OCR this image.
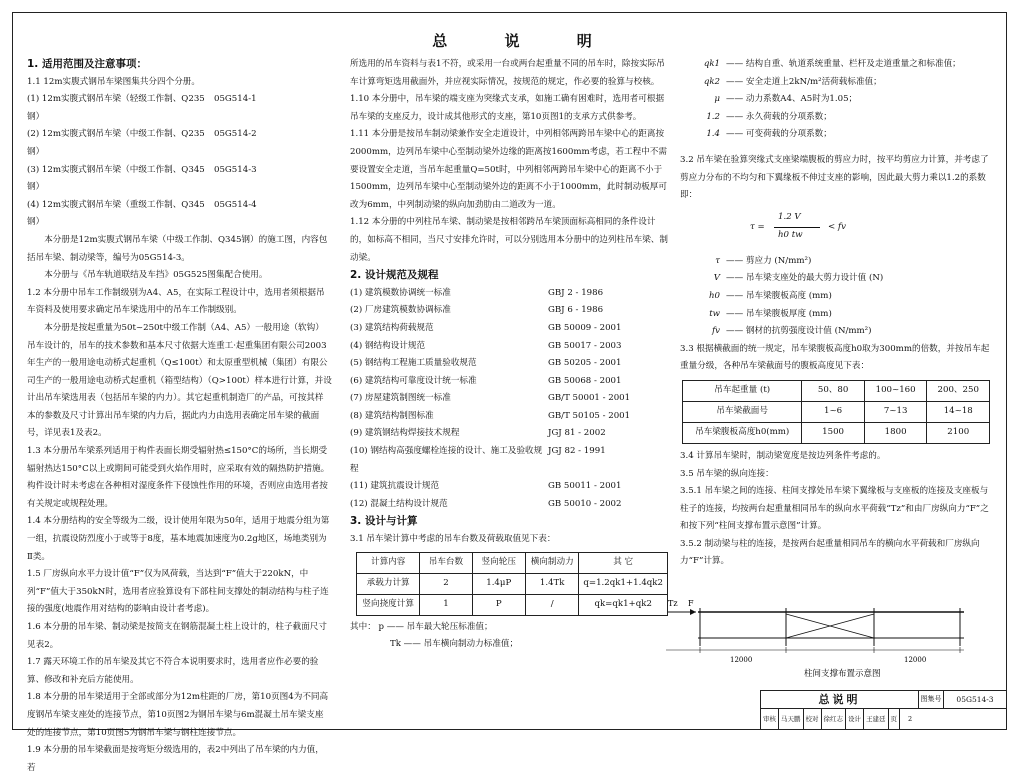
总 说 明
1. 适用范围及注意事项：
1.1 12m实腹式钢吊车梁图集共分四个分册。
(1) 12m实腹式钢吊车梁（轻级工作制、Q235钢）
05G514-1
(2) 12m实腹式钢吊车梁（中级工作制、Q235钢）
05G514-2
(3) 12m实腹式钢吊车梁（中级工作制、Q345钢）
05G514-3
(4) 12m实腹式钢吊车梁（重级工作制、Q345钢）
05G514-4
本分册是12m实腹式钢吊车梁（中级工作制、Q345钢）的施工图，内容包括吊车梁、制动梁等，编号为05G514-3。
本分册与《吊车轨道联结及车挡》05G525图集配合使用。
1.2 本分册中吊车工作制级别为A4、A5，在实际工程设计中，选用者须根据吊车资料及使用要求确定吊车梁选用中的吊车工作制级别。
本分册是按起重量为50t~250t中级工作制（A4、A5）一般用途（软钩）吊车设计的，吊车的技术参数和基本尺寸依据大连重工·起重集团有限公司2003年生产的一般用途电动桥式起重机（Q≤100t）和太原重型机械（集团）有限公司生产的一般用途电动桥式起重机（箱型结构）（Q>100t）样本进行计算，并设计出吊车梁选用表（包括吊车梁的内力）。其它起重机制造厂的产品，可按其样本的参数及尺寸计算出吊车梁的内力后，据此内力由选用表确定吊车梁的截面号，详见表1及表2。
1.3 本分册吊车梁系列适用于构件表面长期受辐射热≤150°C的场所，当长期受辐射热达150°C以上或期间可能受到火焰作用时，应采取有效的隔热防护措施。构件设计时未考虑在各种相对湿度条件下侵蚀性作用的环境，否则应由选用者按有关规定或规程处理。
1.4 本分册结构的安全等级为二级，设计使用年限为50年，适用于地震分组为第一组，抗震设防烈度小于或等于8度，基本地震加速度为0.2g地区，场地类别为Ⅱ类。
1.5 厂房纵向水平力设计值“F”仅为风荷载，当达到“F”值大于220kN，中列“F”值大于350kN时，选用者应验算设有下部柱间支撑处的制动结构与柱子连接的强度(地震作用对结构的影响由设计者考虑)。
1.6 本分册的吊车梁、制动梁是按简支在钢筋混凝土柱上设计的，柱子截面尺寸见表2。
1.7 露天环境工作的吊车梁及其它不符合本说明要求时，选用者应作必要的验算、修改和补充后方能使用。
1.8 本分册的吊车梁适用于全部或部分为12m柱距的厂房，第10页图4为不同高度钢吊车梁支座处的连接节点，第10页图2为钢吊车梁与6m混凝土吊车梁支座处的连接节点，第10页图5为钢吊车梁与钢柱连接节点。
1.9 本分册的吊车梁截面是按弯矩分级选用的，表2中列出了吊车梁的内力值，若
所选用的吊车资料与表1不符，或采用一台或两台起重量不同的吊车时，除按实际吊车计算弯矩选用截面外，并应视实际情况，按规范的规定，作必要的验算与校核。
1.10 本分册中，吊车梁的端支座为突缘式支承，如施工确有困难时，选用者可根据吊车梁的支座反力，设计成其他形式的支座，第10页图1的支承方式供参考。
1.11 本分册是按吊车制动梁兼作安全走道设计，中列相邻两跨吊车梁中心的距离按2000mm，边列吊车梁中心至制动梁外边缘的距离按1600mm考虑，若工程中不需要设置安全走道，当吊车起重量Q=50t时，中列相邻两跨吊车梁中心的距离不小于1500mm，边列吊车梁中心至制动梁外边的距离不小于1000mm，此时制动板厚可改为6mm，中列制动梁的纵向加劲肋由二道改为一道。
1.12 本分册的中列柱吊车梁、制动梁是按相邻跨吊车梁顶面标高相同的条件设计的，如标高不相同，当尺寸安排允许时，可以分别选用本分册中的边列柱吊车梁、制动梁。
2. 设计规范及规程
(1) 建筑模数协调统一标准	GBJ 2 - 1986
(2) 厂房建筑模数协调标准	GBJ 6 - 1986
(3) 建筑结构荷载规范	GB 50009 - 2001
(4) 钢结构设计规范	GB 50017 - 2003
(5) 钢结构工程施工质量验收规范	GB 50205 - 2001
(6) 建筑结构可靠度设计统一标准	GB 50068 - 2001
(7) 房屋建筑制图统一标准	GB/T 50001 - 2001
(8) 建筑结构制图标准	GB/T 50105 - 2001
(9) 建筑钢结构焊接技术规程	JGJ 81 - 2002
(10) 钢结构高强度螺栓连接的设计、施工及验收规程
JGJ 82 - 1991
(11) 建筑抗震设计规范	GB 50011 - 2001
(12) 混凝土结构设计规范	GB 50010 - 2002
3. 设计与计算
3.1 吊车梁计算中考虑的吊车台数及荷载取值见下表：
计算内容	吊车台数	竖向轮压	横向制动力	其 它
承载力计算	2	1.4μP	1.4Tk	q=1.2qk1+1.4qk2
竖向挠度计算	1	P	/	qk=qk1+qk2
其中： p —— 吊车最大轮压标准值；
Tk —— 吊车横向制动力标准值；
qk1 —— 结构自重、轨道系统重量、栏杆及走道重量之和标准值；
qk2 —— 安全走道上2kN/m²活荷载标准值；
μ —— 动力系数A4、A5时为1.05；
1.2 —— 永久荷载的分项系数；
1.4 —— 可变荷载的分项系数；
3.2 吊车梁在验算突缘式支座梁端腹板的剪应力时，按平均剪应力计算，并考虑了剪应力分布的不均匀和下翼缘板不伸过支座的影响，因此最大剪力乘以1.2的系数即：
τ =
1.2 V
h0 tw
< fv
τ —— 剪应力 (N/mm²)
V —— 吊车梁支座处的最大剪力设计值 (N)
h0 —— 吊车梁腹板高度 (mm)
tw —— 吊车梁腹板厚度 (mm)
fv —— 钢材的抗剪强度设计值 (N/mm²)
3.3 根据横截面的统一规定，吊车梁腹板高度h0取为300mm的倍数，并按吊车起重量分级，各种吊车梁截面号的腹板高度见下表：
吊车起重量 (t)	50、80	100~160	200、250
吊车梁截面号	1~6	7~13	14~18
吊车梁腹板高度h0(mm)	1500	1800	2100
3.4 计算吊车梁时，制动梁宽度是按边列条件考虑的。
3.5 吊车梁的纵向连接：
3.5.1 吊车梁之间的连接、柱间支撑处吊车梁下翼缘板与支座板的连接及支座板与柱子的连接，均按两台起重量相同吊车的纵向水平荷载“Tz”和由厂房纵向力“F”之和按下列“柱间支撑布置示意图”计算。
3.5.2 制动梁与柱的连接，是按两台起重量相同吊车的横向水平荷载和厂房纵向力“F”计算。
Tz F
12000	12000
柱间支撑布置示意图
总说明	图集号	05G514-3
审核 马天鹏 校对 徐红志 设计 王建廷 页	2
